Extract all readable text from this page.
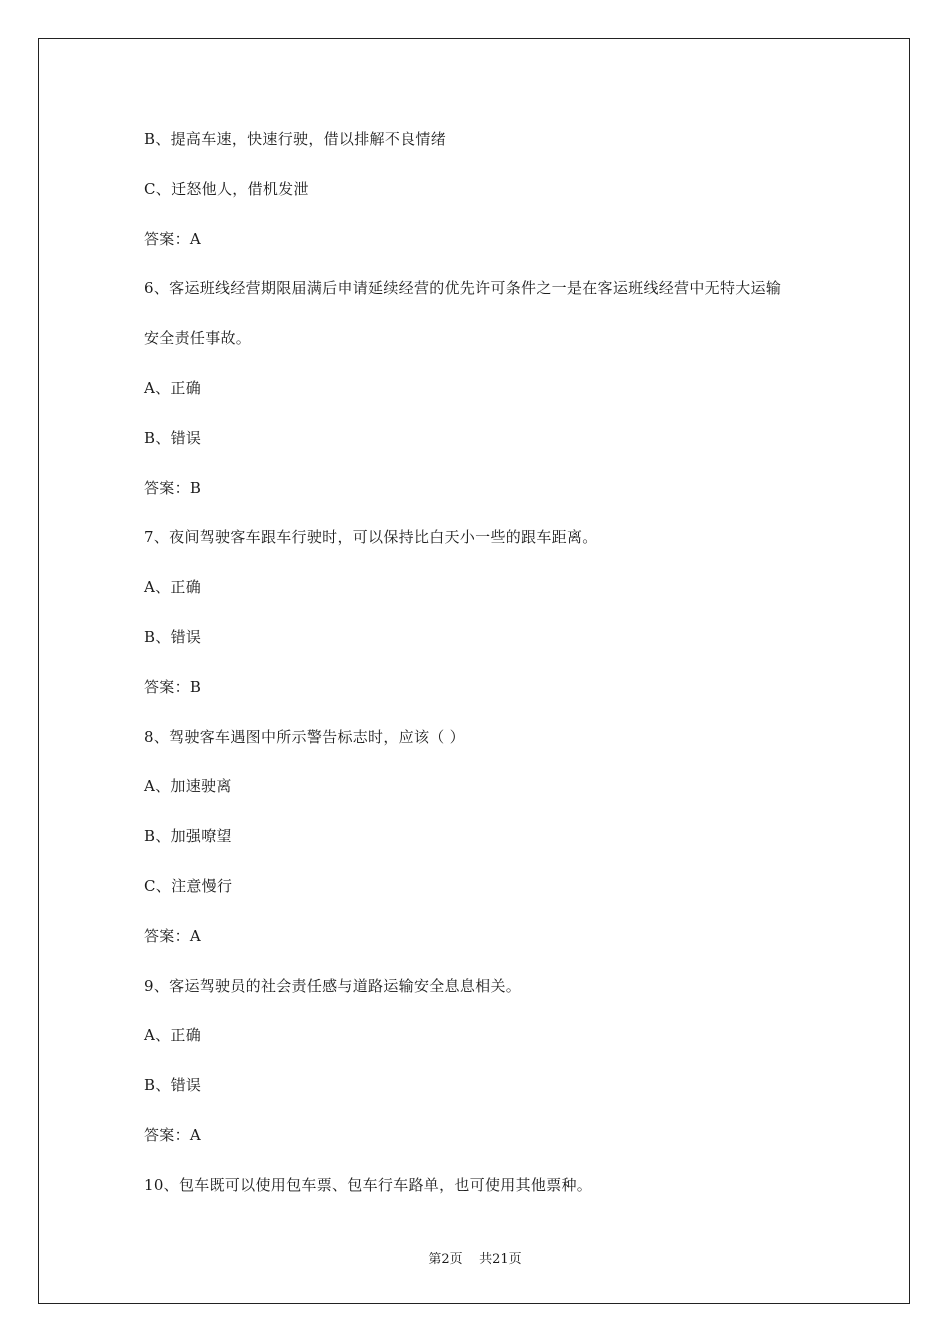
B、提高车速，快速行驶，借以排解不良情绪
C、迁怒他人，借机发泄
答案：A
6、客运班线经营期限届满后申请延续经营的优先许可条件之一是在客运班线经营中无特大运输
安全责任事故。
A、正确
B、错误
答案：B
7、夜间驾驶客车跟车行驶时，可以保持比白天小一些的跟车距离。
A、正确
B、错误
答案：B
8、驾驶客车遇图中所示警告标志时，应该（ ）
A、加速驶离
B、加强嘹望
C、注意慢行
答案：A
9、客运驾驶员的社会责任感与道路运输安全息息相关。
A、正确
B、错误
答案：A
10、包车既可以使用包车票、包车行车路单，也可使用其他票种。
第2页    共21页
